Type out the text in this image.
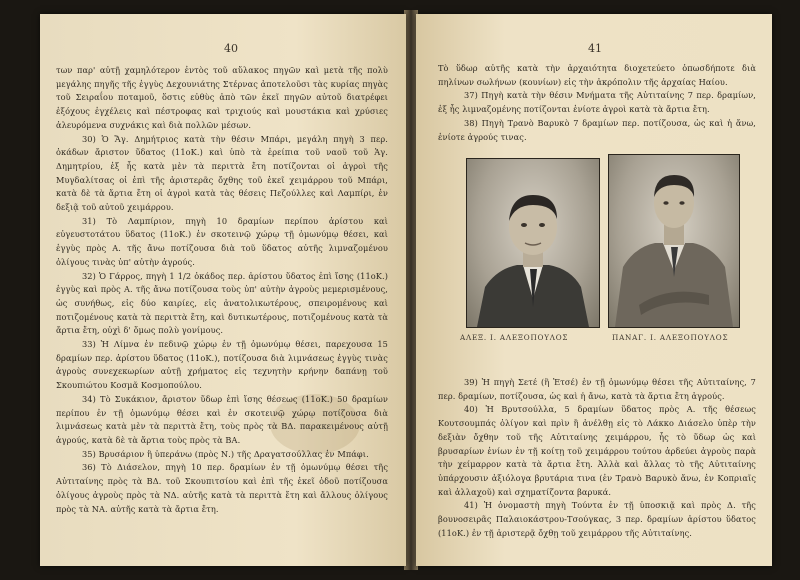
40

των παρ' αὐτῇ χαμηλότερον ἐντὸς τοῦ αὔλακος πηγῶν καὶ μετὰ τῆς πολὺ μεγάλης πηγῆς τῆς ἐγγὺς Δεχουνιάτης Στέρνας ἀποτελοῦσι τὰς κυρίας πηγὰς τοῦ Σειραΐου ποταμοῦ, ὅστις εὐθὺς ἀπὸ τῶν ἐκεῖ πηγῶν αὐτοῦ διατρέφει ἐξόχους ἐγχέλεις καὶ πέστροφας καὶ τριχιούς καὶ μουστάκια καὶ χρύσιες ἀλευρόμενα συχνάκις καὶ διὰ πολλῶν μέσων.

30) Ὁ Ἅγ. Δημήτριος κατὰ τὴν θέσιν Μπάρι, μεγάλη πηγὴ 3 περ. ὀκάδων ἄριστον ὕδατος (11οΚ.) καὶ ὑπὸ τὰ ἐρείπια τοῦ ναοῦ τοῦ Ἁγ. Δημητρίου, ἐξ ἧς κατὰ μὲν τὰ περιττὰ ἔτη ποτίζονται οἱ ἀγροὶ τῆς Μυγδαλίτσας οἱ ἐπὶ τῆς ἀριστερᾶς ὄχθης τοῦ ἐκεῖ χειμάρρου τοῦ Μπάρι, κατὰ δὲ τὰ ἄρτια ἔτη οἱ ἀγροὶ κατὰ τὰς θέσεις Πεζούλλες καὶ Λαμπίρι, ἐν δεξιᾷ τοῦ αὐτοῦ χειμάρρου.

31) Τὸ Λαμπίριον, πηγὴ 10 δραμίων περίπου ἀρίστου καὶ εὐγευστοτάτου ὕδατος (11οΚ.) ἐν σκοτεινῷ χώρῳ τῇ ὁμωνύμῳ θέσει, καὶ ἐγγὺς πρὸς Α. τῆς ἄνω ποτίζουσα διὰ τοῦ ὕδατος αὐτῆς λιμναζομένου ὀλίγους τινὰς ὑπ' αὐτὴν ἀγρούς.

32) Ὁ Γάρρος, πηγὴ 1 1/2 ὀκάδος περ. ἀρίστου ὕδατος ἐπὶ ἴσης (11οΚ.) ἐγγὺς καὶ πρὸς Α. τῆς ἄνω ποτίζουσα τοὺς ὑπ' αὐτὴν ἀγροὺς μεμερισμένους, ὡς συνήθως, εἰς δύο καιρίες, εἰς ἀνατολικωτέρους, σπειρομένους καὶ ποτιζομένους κατὰ τὰ περιττὰ ἔτη, καὶ δυτικωτέρους, ποτιζομένους κατὰ τὰ ἄρτια ἔτη, οὐχὶ δ' ὅμως πολὺ γονίμους.

33) Ἡ Λίμνα ἐν πεδινῷ χώρῳ ἐν τῇ ὁμωνύμῳ θέσει, παρεχουσα 15 δραμίων περ. ἀρίστου ὕδατος (11οΚ.), ποτίζουσα διὰ λιμνάσεως ἐγγὺς τινὰς ἀγροὺς συνεχεκωρίων αὐτῇ χρήματος εἰς τεχνητὴν κρήνην δαπάνῃ τοῦ Σκουπιώτου Κοσμᾶ Κοσμοπούλου.

34) Τὸ Συκάκιον, ἄριστον ὕδωρ ἐπὶ ἴσης θέσεως (11οΚ.) 50 δραμίων περίπου ἐν τῇ ὁμωνύμῳ θέσει καὶ ἐν σκοτεινῷ χώρῳ ποτίζουσα διὰ λιμνάσεως κατὰ μὲν τὰ περιττὰ ἔτη, τοὺς πρὸς τὰ ΒΔ. παρακειμένους αὐτῇ ἀγρούς, κατὰ δὲ τὰ ἄρτια τοὺς πρὸς τὰ ΒΑ.

35) Βρυσάριον ἢ ὑπεράνω (πρὸς Ν.) τῆς Δραγατσούλλας ἐν Μπάφι.

36) Τὸ Διάσελον, πηγὴ 10 περ. δραμίων ἐν τῇ ὁμωνύμῳ θέσει τῆς Αὐτιταίνης πρὸς τὰ ΒΔ. τοῦ Σκουπιτσίου καὶ ἐπὶ τῆς ἐκεῖ ὁδοῦ ποτίζουσα ὀλίγους ἀγροὺς πρὸς τὰ ΝΔ. αὐτῆς κατὰ τὰ περιττὰ ἔτη καὶ ἄλλους ὀλίγους πρὸς τὰ ΝΑ. αὐτῆς κατὰ τὰ ἄρτια ἔτη.

41

Τὸ ὕδωρ αὐτῆς κατὰ τὴν ἀρχαιότητα διοχετεύετο ὁπωσδήποτε διὰ πηλίνων σωλήνων (κουνίων) εἰς τὴν ἀκρόπολιν τῆς ἀρχαίας Ηαίου.

37) Πηγὴ κατὰ τὴν θέσιν Μνήματα τῆς Αὐτιταίνης 7 περ. δραμίων, ἐξ ἧς λιμναζομένης ποτίζονται ἐνίοτε ἀγροὶ κατὰ τὰ ἄρτια ἔτη.

38) Πηγὴ Τρανὸ Βαρυκὸ 7 δραμίων περ. ποτίζουσα, ὡς καὶ ἡ ἄνω, ἐνίοτε ἀγρούς τινας.

ΑΛΕΞ. Ι. ΑΛΕΞΟΠΟΥΛΟΣ	ΠΑΝΑΓ. Ι. ΑΛΕΞΟΠΟΥΛΟΣ

39) Ἡ πηγὴ Σετέ (ἢ Ἐτσέ) ἐν τῇ ὁμωνύμῳ θέσει τῆς Αὐτιταίνης, 7 περ. δραμίων, ποτίζουσα, ὡς καὶ ἡ ἄνω, κατὰ τὰ ἄρτια ἔτη ἀγρούς.

40) Ἡ Βρυτσούλλα, 5 δραμίων ὕδατος πρὸς Α. τῆς θέσεως Κουτσουμπάς ὀλίγον καὶ πρὶν ἢ ἀνέλθῃ εἰς τὸ Λάκκο Διάσελο ὑπὲρ τὴν δεξιὰν ὄχθην τοῦ τῆς Αὐτιταίνης χειμάρρου, ἧς τὸ ὕδωρ ὡς καὶ βρυσαρίων ἐνίων ἐν τῇ κοίτῃ τοῦ χειμάρρου τούτου ἀρδεύει ἀγροὺς παρὰ τὴν χείμαρρον κατὰ τὰ ἄρτια ἔτη. Ἀλλὰ καὶ ἄλλας τὸ τῆς Αὐτιταίνης ὑπάρχουσιν ἀξιόλογα βρυτάρια τινα (ἐν Τρανὸ Βαρυκὸ ἄνω, ἐν Κοπριαῖς καὶ ἀλλαχοῦ) καὶ σχηματίζοντα βαρυκά.

41) Ἡ ὀνομαστὴ πηγὴ Τούντα ἐν τῇ ὑποσκιᾷ καὶ πρὸς Δ. τῆς βουνοσειρᾶς Παλαιοκάστρου-Τσούγκας, 3 περ. δραμίων ἀρίστου ὕδατος (11οΚ.) ἐν τῇ ἀριστερᾷ ὄχθῃ τοῦ χειμάρρου τῆς Αὐτιταίνης.
